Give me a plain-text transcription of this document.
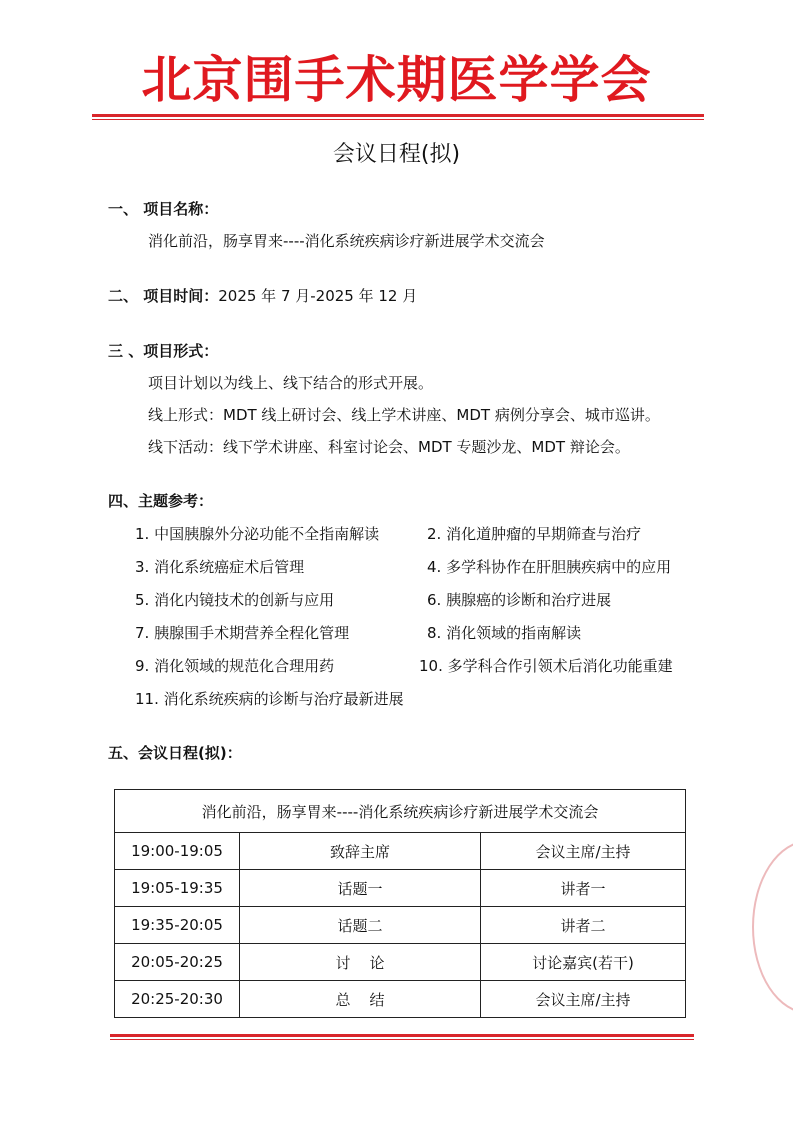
北京围手术期医学学会
会议日程(拟)
一、 项目名称：
消化前沿，肠享胃来----消化系统疾病诊疗新进展学术交流会
二、 项目时间：2025 年 7 月-2025 年 12 月
三 、项目形式：
项目计划以为线上、线下结合的形式开展。
线上形式：MDT 线上研讨会、线上学术讲座、MDT 病例分享会、城市巡讲。
线下活动：线下学术讲座、科室讨论会、MDT 专题沙龙、MDT 辩论会。
四、主题参考：
1. 中国胰腺外分泌功能不全指南解读	2. 消化道肿瘤的早期筛查与治疗
3. 消化系统癌症术后管理	4. 多学科协作在肝胆胰疾病中的应用
5. 消化内镜技术的创新与应用	6. 胰腺癌的诊断和治疗进展
7. 胰腺围手术期营养全程化管理	8. 消化领域的指南解读
9. 消化领域的规范化合理用药	10. 多学科合作引领术后消化功能重建
11. 消化系统疾病的诊断与治疗最新进展
五、会议日程(拟)：
消化前沿，肠享胃来----消化系统疾病诊疗新进展学术交流会		
19:00-19:05	致辞主席	会议主席/主持
19:05-19:35	话题一	讲者一
19:35-20:05	话题二	讲者二
20:05-20:25	讨    论	讨论嘉宾(若干)
20:25-20:30	总    结	会议主席/主持
